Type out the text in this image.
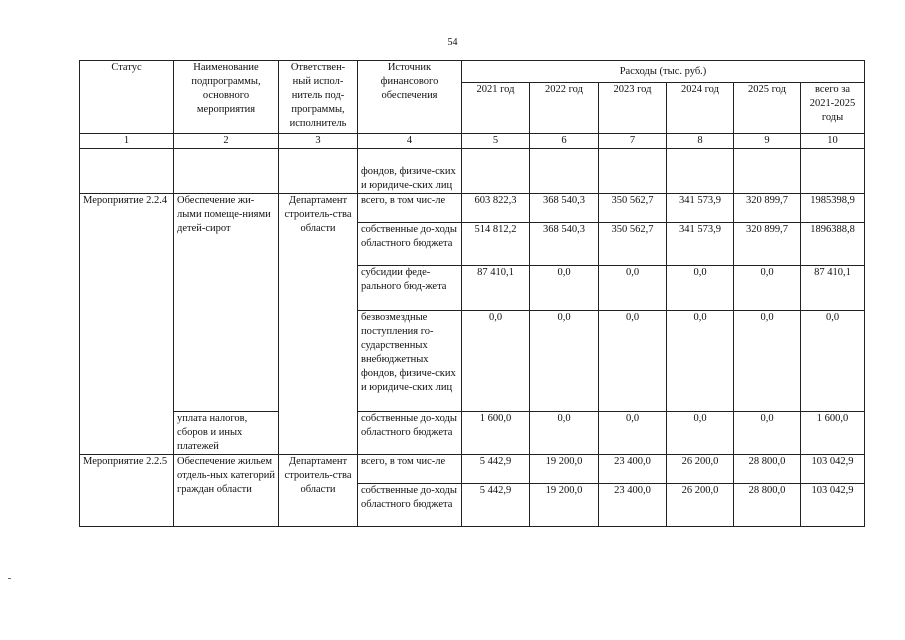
54
Статус	Наименование подпрограммы, основного мероприятия	Ответствен-ный испол-нитель под-программы, исполнитель	Источник финансового обеспечения	Расходы (тыс. руб.)					
				2021 год	2022 год	2023 год	2024 год	2025 год	всего за 2021-2025 годы
1	2	3	4	5	6	7	8	9	10
			фондов, физиче-ских и юридиче-ских лиц						
Мероприятие 2.2.4	Обеспечение жи-лыми помеще-ниями детей-сирот	Департамент строитель-ства области	всего, в том чис-ле	603 822,3	368 540,3	350 562,7	341 573,9	320 899,7	1985398,9
			собственные до-ходы областного бюджета	514 812,2	368 540,3	350 562,7	341 573,9	320 899,7	1896388,8
			субсидии феде-рального бюд-жета	87 410,1	0,0	0,0	0,0	0,0	87 410,1
			безвозмездные поступления го-сударственных внебюджетных фондов, физиче-ских и юридиче-ских лиц	0,0	0,0	0,0	0,0	0,0	0,0
	уплата налогов, сборов и иных платежей		собственные до-ходы областного бюджета	1 600,0	0,0	0,0	0,0	0,0	1 600,0
Мероприятие 2.2.5	Обеспечение жильем отдель-ных категорий граждан области	Департамент строитель-ства области	всего, в том чис-ле	5 442,9	19 200,0	23 400,0	26 200,0	28 800,0	103 042,9
			собственные до-ходы областного бюджета	5 442,9	19 200,0	23 400,0	26 200,0	28 800,0	103 042,9
